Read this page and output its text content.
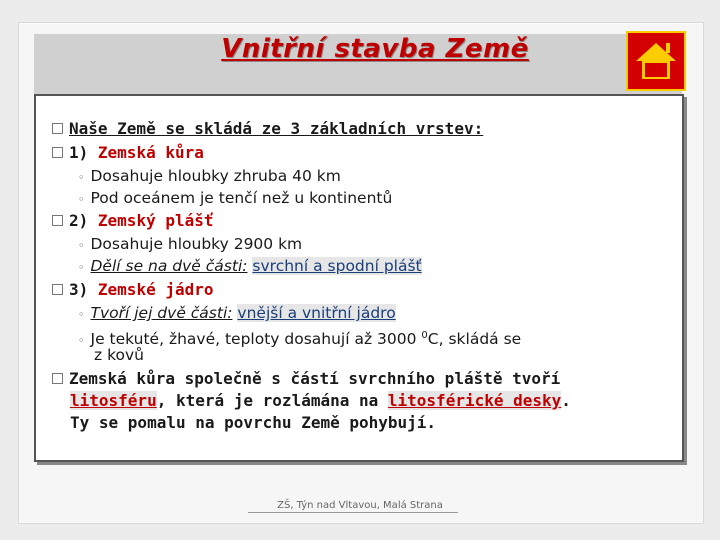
Vnitřní stavba Země
Naše Země se skládá ze 3 základních vrstev:
1) Zemská kůra
◦ Dosahuje hloubky zhruba 40 km
◦ Pod oceánem je tenčí než u kontinentů
2) Zemský plášť
◦ Dosahuje hloubky 2900 km
◦ Dělí se na dvě části: svrchní a spodní plášť
3) Zemské jádro
◦ Tvoří jej dvě části: vnější a vnitřní jádro
◦ Je tekuté, žhavé, teploty dosahují až 3000 $^0$C, skládá se
z kovů
Zemská kůra společně s částí svrchního pláště tvoří
litosféru, která je rozlámána na litosférické desky.
Ty se pomalu na povrchu Země pohybují.
ZŠ, Týn nad Vltavou, Malá Strana
